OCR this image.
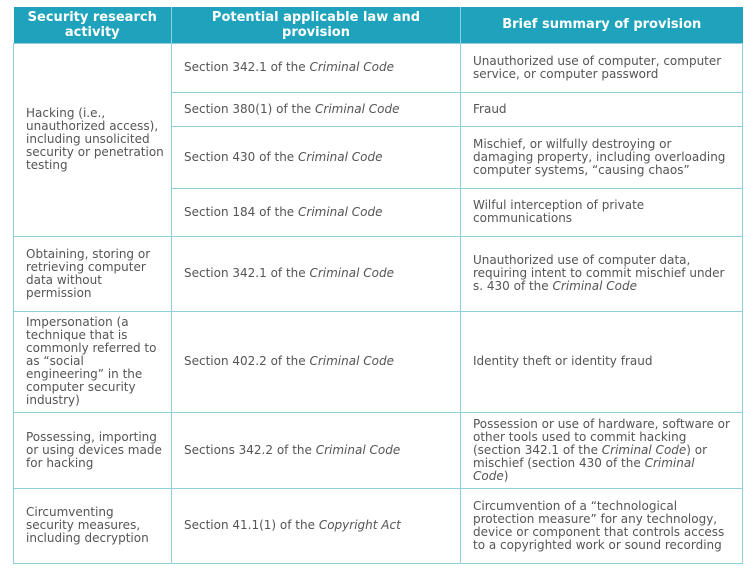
Security research activity	Potential applicable law and provision	Brief summary of provision
Hacking (i.e., unauthorized access), including unsolicited security or penetration testing	Section 342.1 of the Criminal Code	Unauthorized use of computer, computer service, or computer password
	Section 380(1) of the Criminal Code	Fraud
	Section 430 of the Criminal Code	Mischief, or wilfully destroying or damaging property, including overloading computer systems, “causing chaos”
	Section 184 of the Criminal Code	Wilful interception of private communications
Obtaining, storing or retrieving computer data without permission	Section 342.1 of the Criminal Code	Unauthorized use of computer data, requiring intent to commit mischief under s. 430 of the Criminal Code
Impersonation (a technique that is commonly referred to as “social engineering” in the computer security industry)	Section 402.2 of the Criminal Code	Identity theft or identity fraud
Possessing, importing or using devices made for hacking	Sections 342.2 of the Criminal Code	Possession or use of hardware, software or other tools used to commit hacking (section 342.1 of the Criminal Code) or mischief (section 430 of the Criminal Code)
Circumventing security measures, including decryption	Section 41.1(1) of the Copyright Act	Circumvention of a “technological protection measure” for any technology, device or component that controls access to a copyrighted work or sound recording
